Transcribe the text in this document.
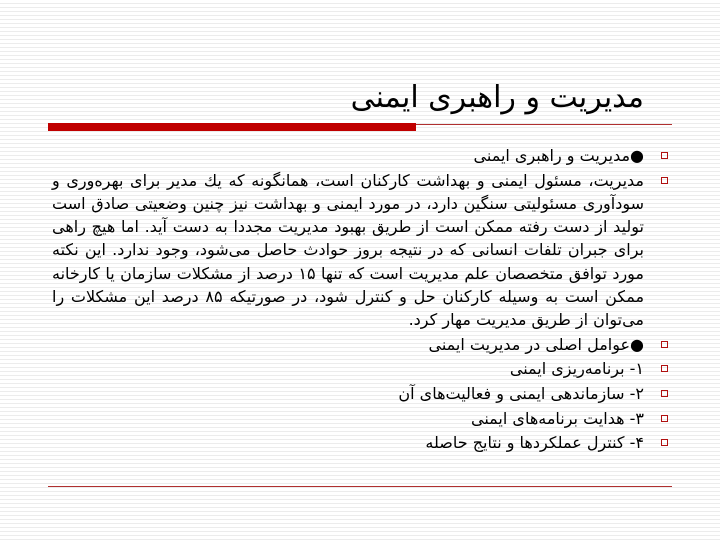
مدیریت و راهبری ایمنی
●مدیریت و راهبری ایمنی
مدیریت، مسئول ایمنی و بهداشت کارکنان است، همانگونه که يك مدیر برای بهره‌وری و سودآوری مسئولیتی سنگین دارد، در مورد ایمنی و بهداشت نیز چنین وضعیتی صادق است تولید از دست رفته ممکن است از طریق بهبود مدیریت مجددا به دست آید. اما هیچ راهی برای جبران تلفات انسانی که در نتیجه بروز حوادث حاصل می‌شود، وجود ندارد. این نکته مورد توافق متخصصان علم مدیریت است که تنها ۱۵ درصد از مشکلات سازمان یا کارخانه ممکن است به وسیله کارکنان حل و کنترل شود، در صورتیکه ۸۵ درصد این مشکلات را می‌توان از طریق مدیریت مهار کرد.
●عوامل اصلی در مدیریت ایمنی
۱- برنامه‌ریزی ایمنی
۲- سازماندهی ایمنی و فعالیت‌های آن
۳- هدایت برنامه‌های ایمنی
۴- کنترل عملکردها و نتایج حاصله
